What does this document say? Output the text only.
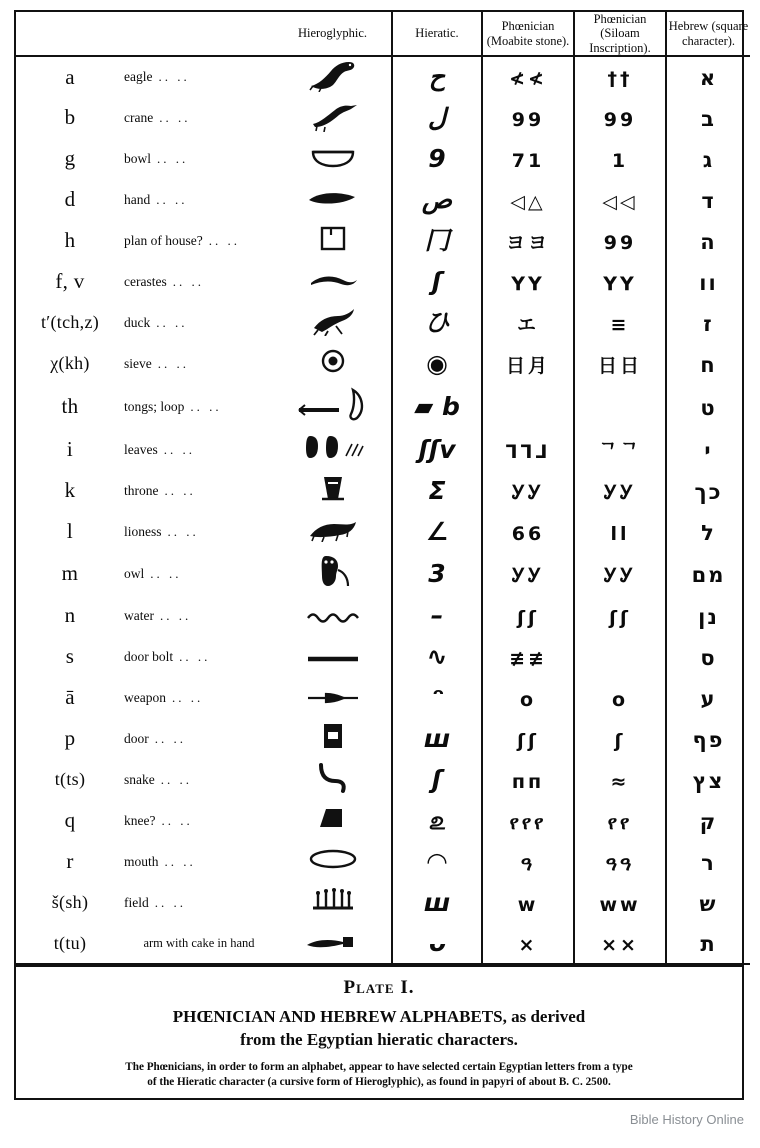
		Hieroglyphic.	Hieratic.	Phœnician (Moabite stone).	Phœnician (Siloam Inscription).	Hebrew (square character).
a	eagle .. ..		ح	≮≮	††	א
b	crane .. ..		ل	99	99	ב
g	bowl .. ..		9	71	1	ג
d	hand .. ..		ص	◁△	◁◁	ד
h	plan of house? .. ..		冂	ヨヨ	99	ה
f, v	cerastes .. ..		ʃ	ΥΥ	ΥΥ	וו
t′(tch,z)	duck .. ..		ひ	エ	≡	ז
χ(kh)	sieve .. ..		◉	日月	日日	ח
th	tongs; loop .. ..		▰ b			ט
i	leaves .. ..		ʃʃv	ᒣᒣᒧ	ᄀᄀ	י
k	throne .. ..		Ʃ	ᎩᎩ	ᎩᎩ	כך
l	lioness .. ..		∠	66	ll	ל
m	owl .. ..		3	ᎩᎩ	ᎩᎩ	מם
n	water .. ..		–	ʃʃ	ʃʃ	נן
s	door bolt .. ..		∿	≢≢		ס
ā	weapon .. ..		ᵔ	o	o	ע
p	door .. ..		ш	ʃʃ	ʃ	פף
t(ts)	snake .. ..		ʃ	ᴨᴨ	≈	צץ
q	knee? .. ..		௨	የየየ	የየ	ק
r	mouth .. ..		◠	ዓ	ዓዓ	ר
š(sh)	field .. ..		ш	w	ww	ש
t(tu)	arm with cake in hand		ᴗ	×	××	ת
Plate I.
PHŒNICIAN AND HEBREW ALPHABETS, as derived
from the Egyptian hieratic characters.
The Phœnicians, in order to form an alphabet, appear to have selected certain Egyptian letters from a type
of the Hieratic character (a cursive form of Hieroglyphic), as found in papyri of about B. C. 2500.
Bible History Online
